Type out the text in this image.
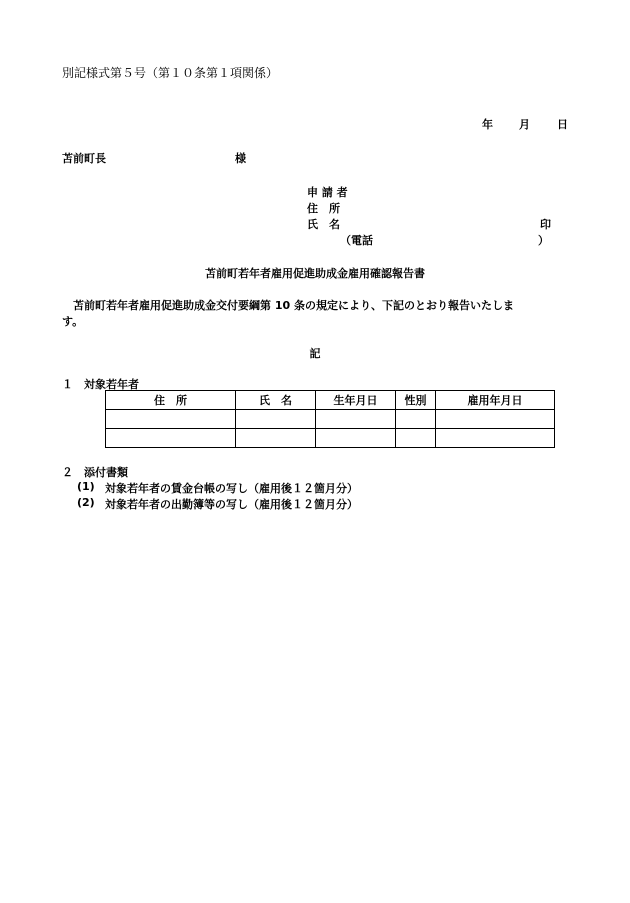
別記様式第５号（第１０条第１項関係）
年 月 日
苫前町長	様
申 請 者
住　所
氏　名	印
（電話	）
苫前町若年者雇用促進助成金雇用確認報告書
　苫前町若年者雇用促進助成金交付要綱第 10 条の規定により、下記のとおり報告いたしま
す。
記
１　対象若年者
住　所	氏　名	生年月日	性別	雇用年月日

２　添付書類
(1) 対象若年者の賃金台帳の写し（雇用後１２箇月分）
(2) 対象若年者の出勤簿等の写し（雇用後１２箇月分）
